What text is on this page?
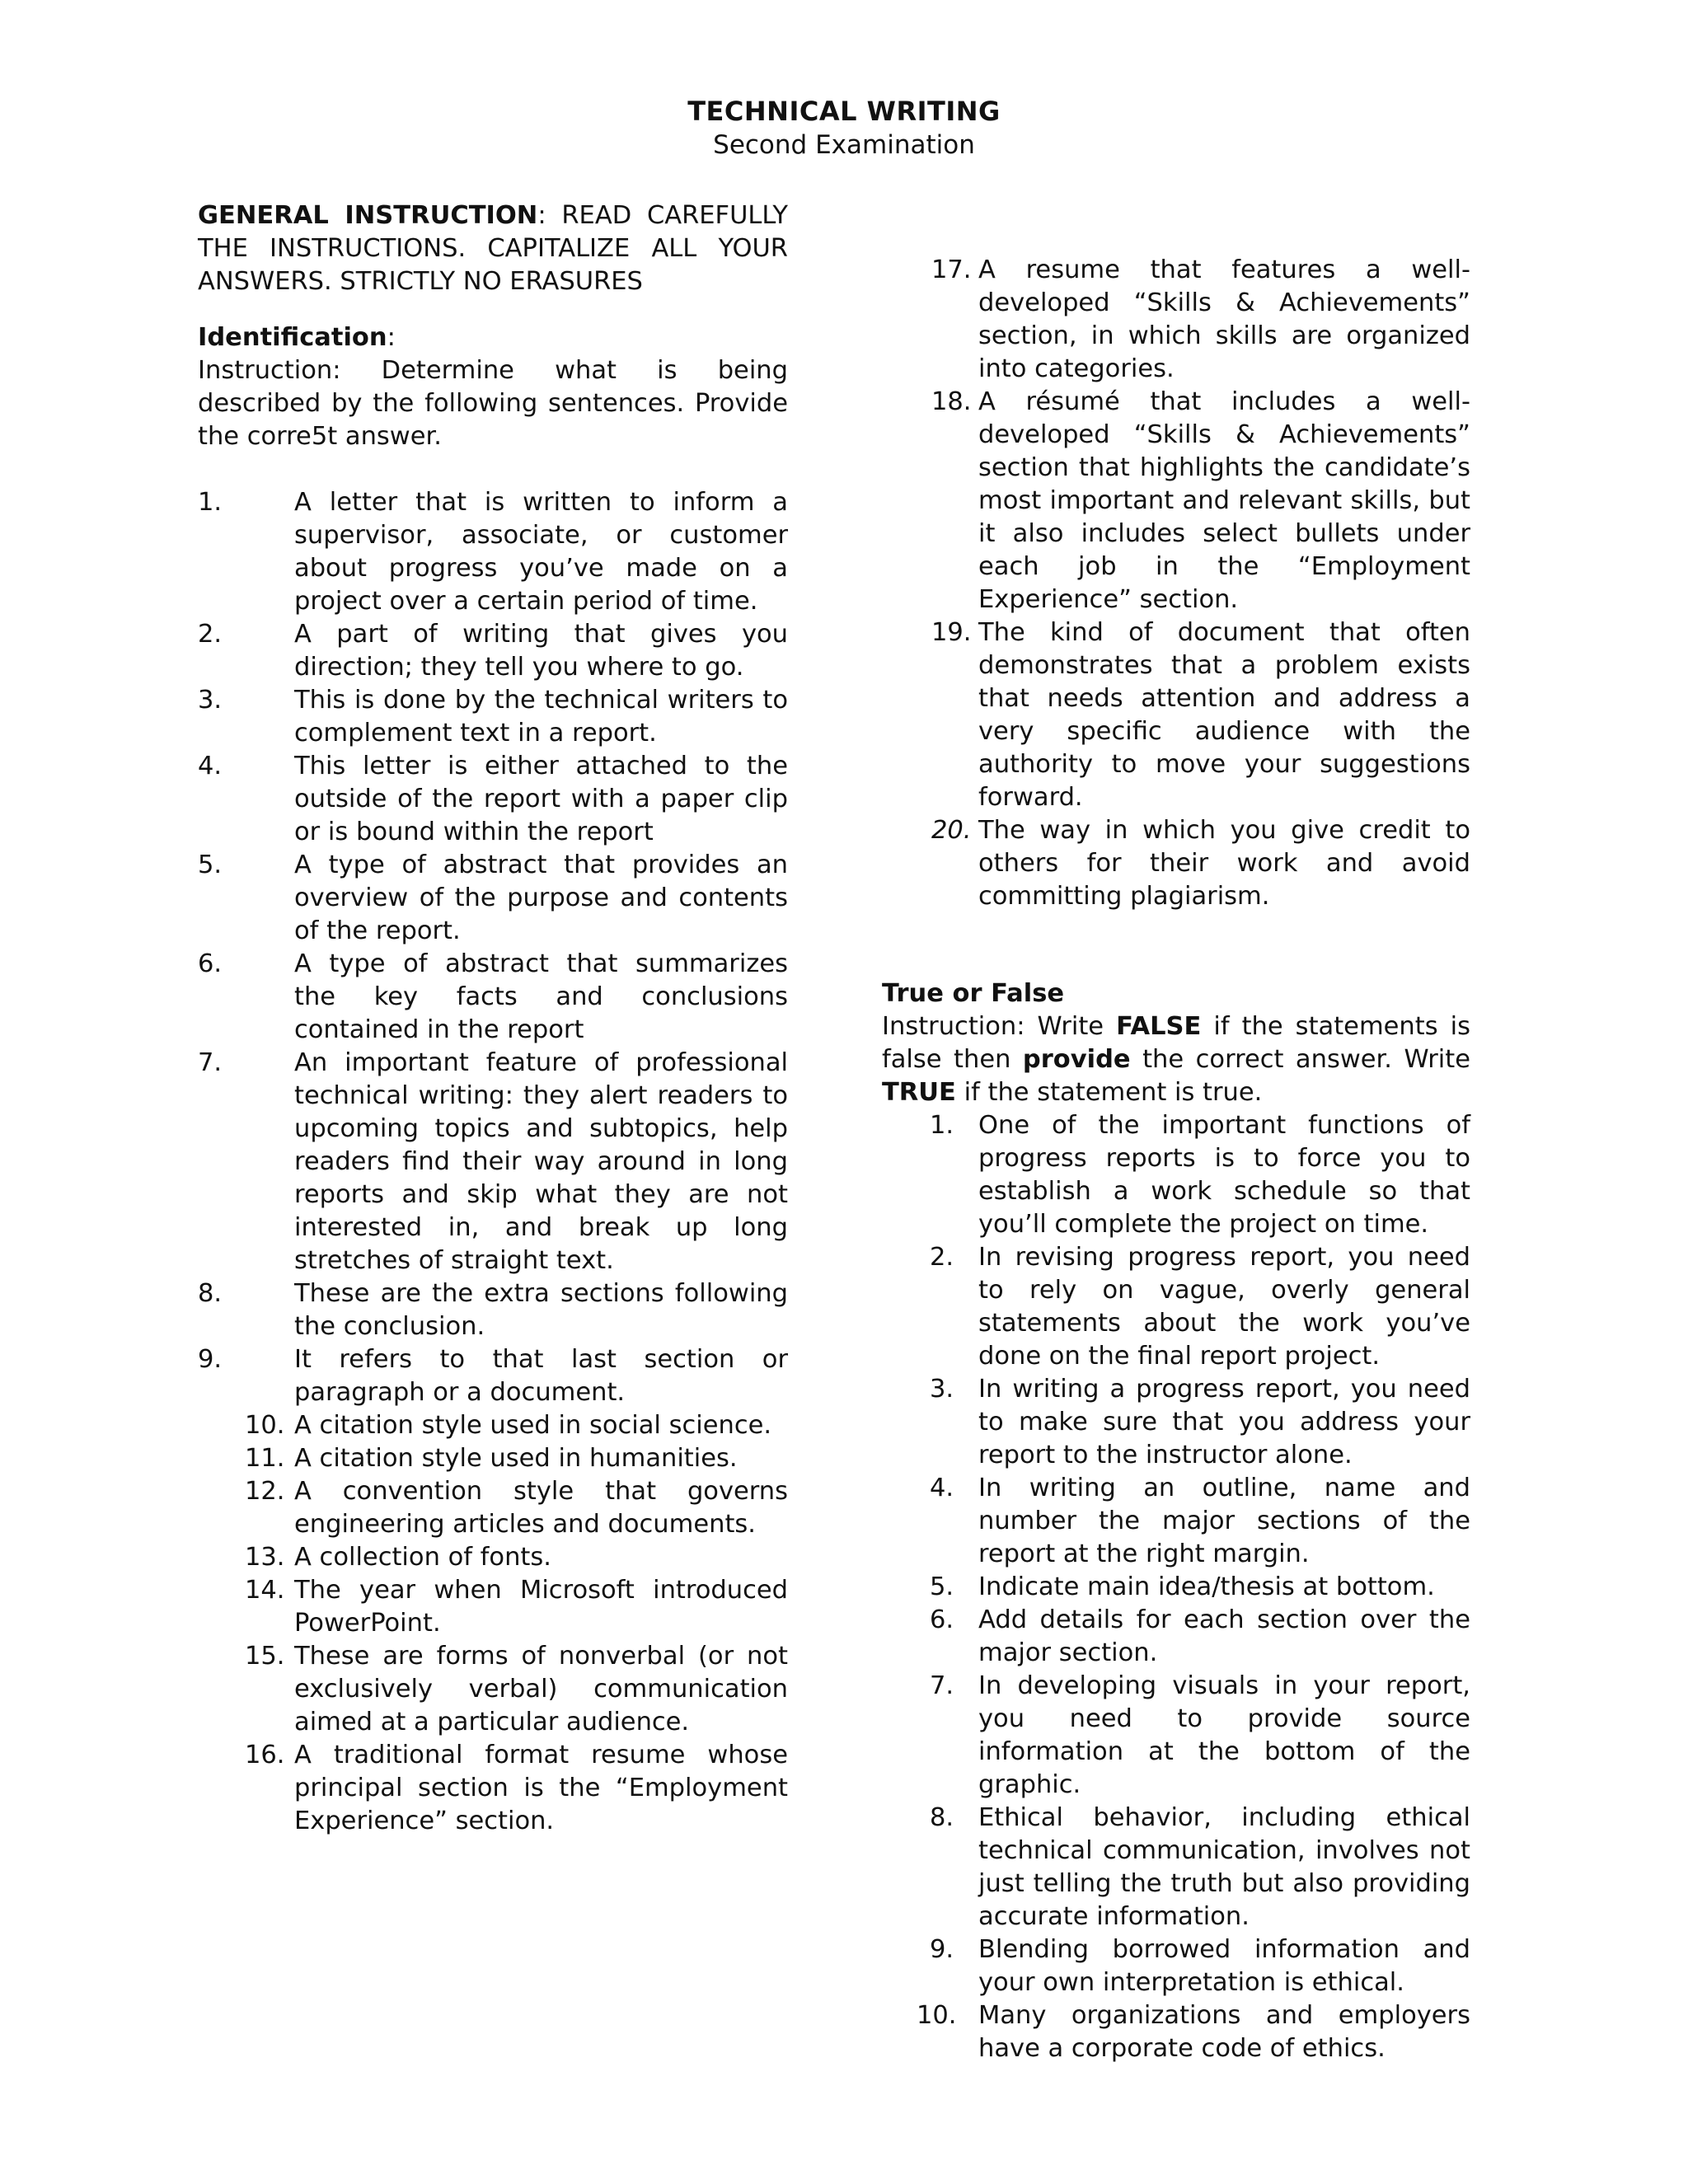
TECHNICAL WRITING
Second Examination

GENERAL INSTRUCTION: READ CAREFULLY THE INSTRUCTIONS. CAPITALIZE ALL YOUR ANSWERS. STRICTLY NO ERASURES

Identification:

Instruction: Determine what is being described by the following sentences. Provide the corre5t answer.

1.	A letter that is written to inform a supervisor, associate, or customer about progress you’ve made on a project over a certain period of time.
2.	A part of writing that gives you direction; they tell you where to go.
3.	This is done by the technical writers to complement text in a report.
4.	This letter is either attached to the outside of the report with a paper clip or is bound within the report
5.	A type of abstract that provides an overview of the purpose and contents of the report.
6.	A type of abstract that summarizes the key facts and conclusions contained in the report
7.	An important feature of professional technical writing: they alert readers to upcoming topics and subtopics, help readers find their way around in long reports and skip what they are not interested in, and break up long stretches of straight text.
8.	These are the extra sections following the conclusion.
9.	It refers to that last section or paragraph or a document.
10. A citation style used in social science.
11. A citation style used in humanities.
12. A convention style that governs engineering articles and documents.
13. A collection of fonts.
14. The year when Microsoft introduced PowerPoint.
15. These are forms of nonverbal (or not exclusively verbal) communication aimed at a particular audience.
16. A traditional format resume whose principal section is the “Employment Experience” section.
17. A resume that features a well-developed “Skills & Achievements” section, in which skills are organized into categories.
18. A résumé that includes a well-developed “Skills & Achievements” section that highlights the candidate’s most important and relevant skills, but it also includes select bullets under each job in the “Employment Experience” section.
19. The kind of document that often demonstrates that a problem exists that needs attention and address a very specific audience with the authority to move your suggestions forward.
20. The way in which you give credit to others for their work and avoid committing plagiarism.

True or False

Instruction: Write FALSE if the statements is false then provide the correct answer. Write TRUE if the statement is true.

1. One of the important functions of progress reports is to force you to establish a work schedule so that you’ll complete the project on time.
2. In revising progress report, you need to rely on vague, overly general statements about the work you’ve done on the final report project.
3. In writing a progress report, you need to make sure that you address your report to the instructor alone.
4. In writing an outline, name and number the major sections of the report at the right margin.
5. Indicate main idea/thesis at bottom.
6. Add details for each section over the major section.
7. In developing visuals in your report, you need to provide source information at the bottom of the graphic.
8. Ethical behavior, including ethical technical communication, involves not just telling the truth but also providing accurate information.
9. Blending borrowed information and your own interpretation is ethical.
10. Many organizations and employers have a corporate code of ethics.
